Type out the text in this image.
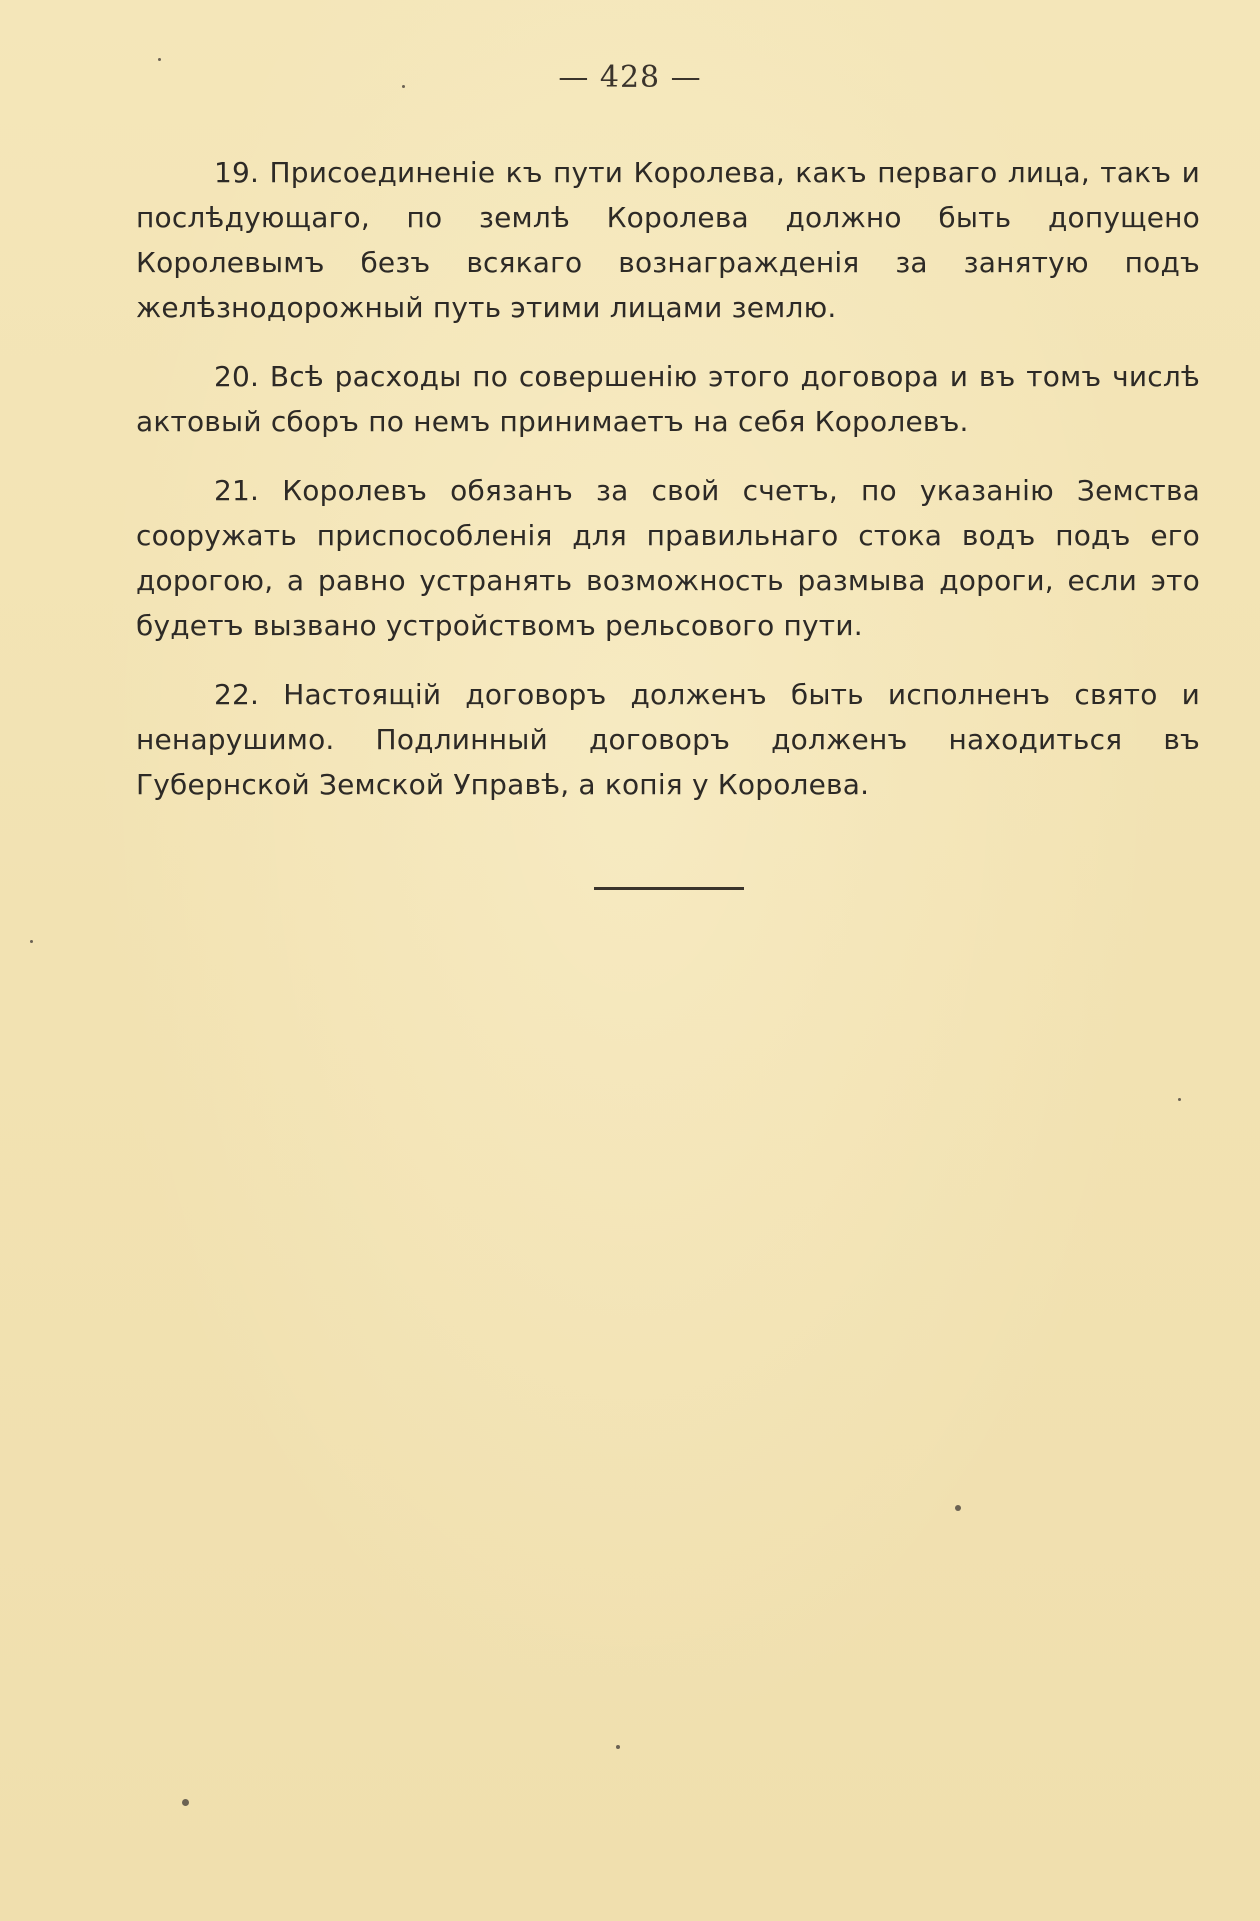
— 428 —

19. Присоединеніе къ пути Королева, какъ перваго лица, такъ и послѣдующаго, по землѣ Королева должно быть допущено Королевымъ безъ всякаго вознагражденія за занятую подъ желѣзнодорожный путь этими лицами землю.

20. Всѣ расходы по совершенію этого договора и въ томъ числѣ актовый сборъ по немъ принимаетъ на себя Королевъ.

21. Королевъ обязанъ за свой счетъ, по указанію Земства сооружать приспособленія для правильнаго стока водъ подъ его дорогою, а равно устранять возможность размыва дороги, если это будетъ вызвано устройствомъ рельсового пути.

22. Настоящій договоръ долженъ быть исполненъ свято и ненарушимо. Подлинный договоръ долженъ находиться въ Губернской Земской Управѣ, а копія у Королева.
